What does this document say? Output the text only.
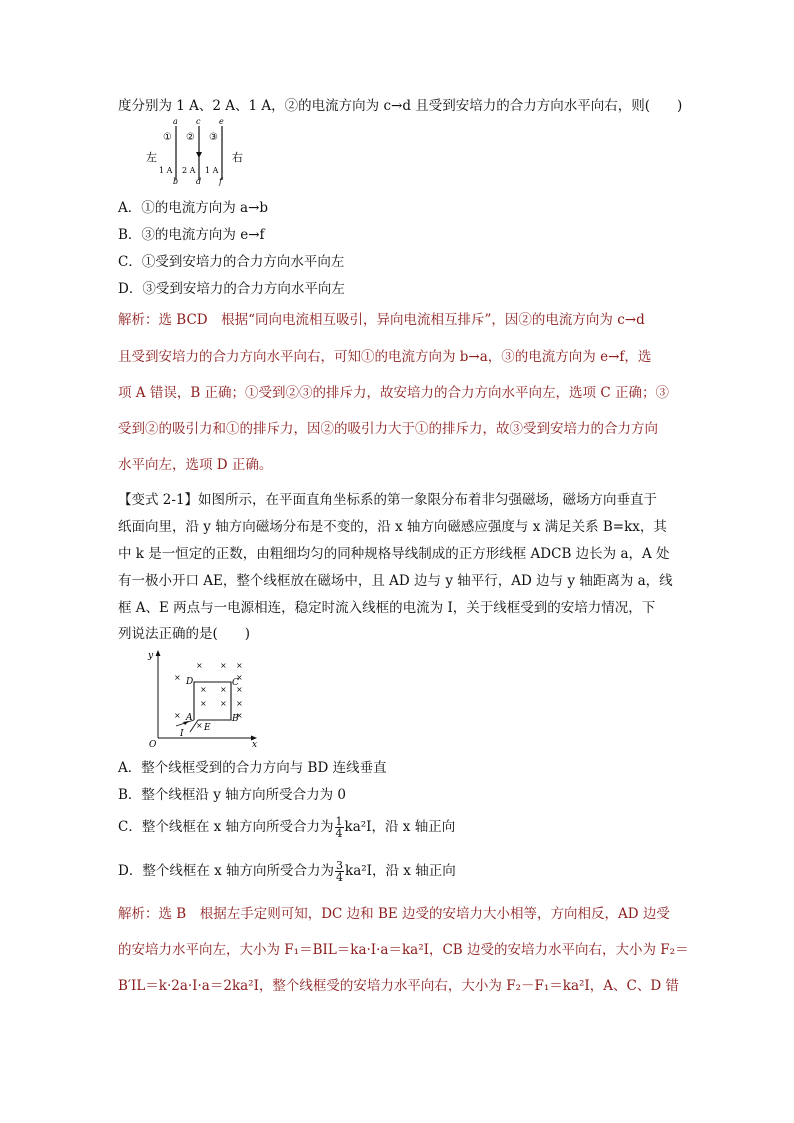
度分别为 1 A、2 A、1 A，②的电流方向为 c→d 且受到安培力的合力方向水平向右，则(　　)
左	右
a c e
① ② ③
1 A 2 A 1 A
b d f
A．①的电流方向为 a→b
B．③的电流方向为 e→f
C．①受到安培力的合力方向水平向左
D．③受到安培力的合力方向水平向左
解析：选 BCD　根据“同向电流相互吸引，异向电流相互排斥”，因②的电流方向为 c→d
且受到安培力的合力方向水平向右，可知①的电流方向为 b→a，③的电流方向为 e→f，选
项 A 错误，B 正确；①受到②③的排斥力，故安培力的合力方向水平向左，选项 C 正确；③
受到②的吸引力和①的排斥力，因②的吸引力大于①的排斥力，故③受到安培力的合力方向
水平向左，选项 D 正确。
【变式 2-1】如图所示，在平面直角坐标系的第一象限分布着非匀强磁场，磁场方向垂直于
纸面向里，沿 y 轴方向磁场分布是不变的，沿 x 轴方向磁感应强度与 x 满足关系 B=kx，其
中 k 是一恒定的正数，由粗细均匀的同种规格导线制成的正方形线框 ADCB 边长为 a，A 处
有一极小开口 AE，整个线框放在磁场中，且 AD 边与 y 轴平行，AD 边与 y 轴距离为 a，线
框 A、E 两点与一电源相连，稳定时流入线框的电流为 I，关于线框受到的安培力情况，下
列说法正确的是(　　)
y
x
O
D	C
A	B
E
I
× × ×
×	×
× × ×
× × ×
×	×
×
A．整个线框受到的合力方向与 BD 连线垂直
B．整个线框沿 y 轴方向所受合力为 0
C．整个线框在 x 轴方向所受合力为 $\frac{1}{4} ka^2I$，沿 x 轴正向
D．整个线框在 x 轴方向所受合力为 $\frac{3}{4} ka^2I$，沿 x 轴正向
解析：选 B　根据左手定则可知，DC 边和 BE 边受的安培力大小相等，方向相反，AD 边受
的安培力水平向左，大小为 F₁＝BIL＝ka·I·a＝ka²I，CB 边受的安培力水平向右，大小为 F₂＝
B′IL＝k·2a·I·a＝2ka²I，整个线框受的安培力水平向右，大小为 F₂－F₁＝ka²I，A、C、D 错
